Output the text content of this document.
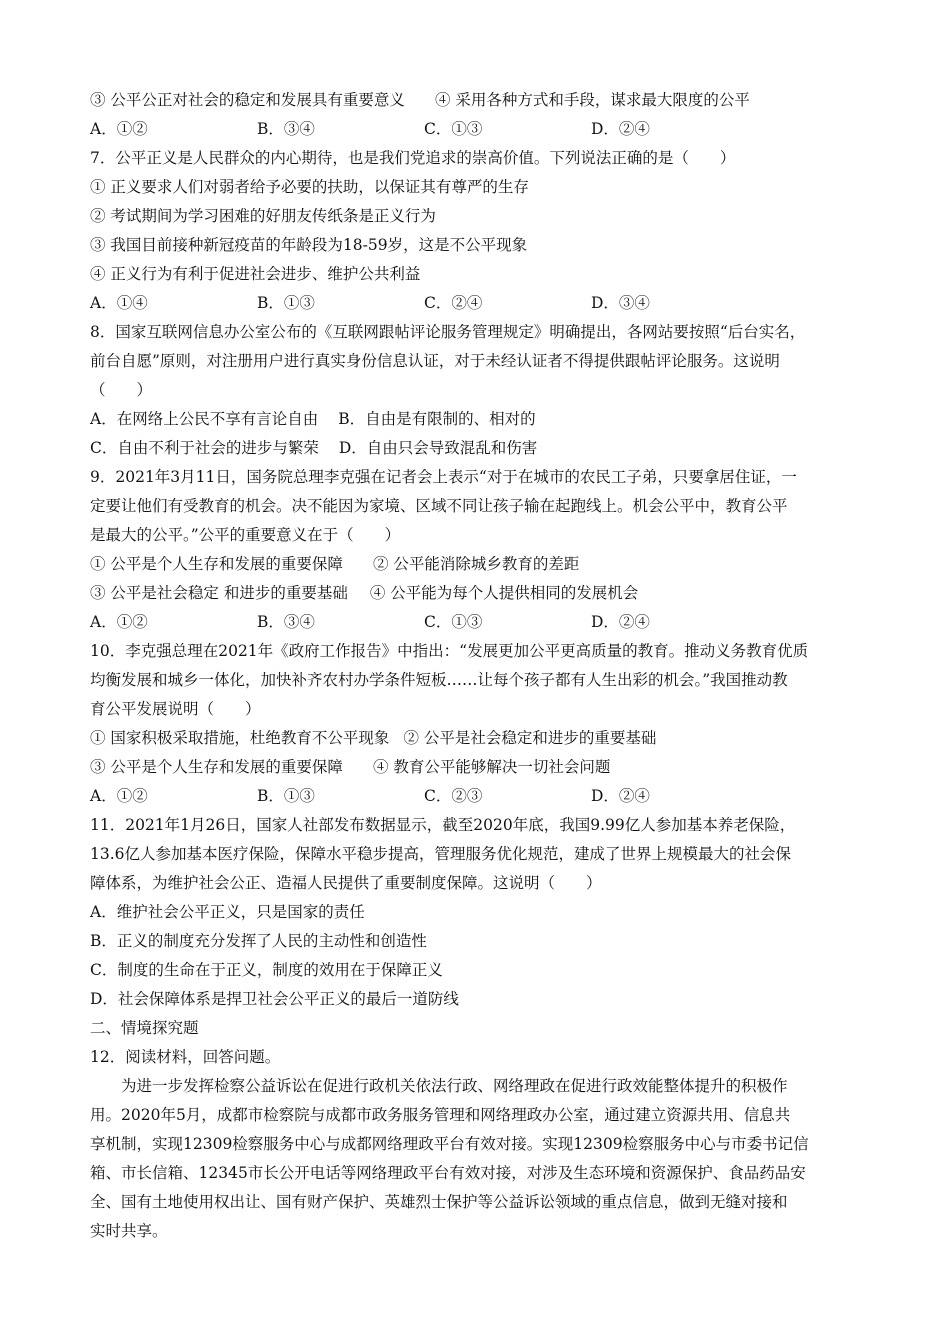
③ 公平公正对社会的稳定和发展具有重要意义 ④ 采用各种方式和手段，谋求最大限度的公平
A．①②	B．③④	C．①③	D．②④
7．公平正义是人民群众的内心期待，也是我们党追求的崇高价值。下列说法正确的是（　　）
① 正义要求人们对弱者给予必要的扶助，以保证其有尊严的生存
② 考试期间为学习困难的好朋友传纸条是正义行为
③ 我国目前接种新冠疫苗的年龄段为18-59岁，这是不公平现象
④ 正义行为有利于促进社会进步、维护公共利益
A．①④	B．①③	C．②④	D．③④
8．国家互联网信息办公室公布的《互联网跟帖评论服务管理规定》明确提出，各网站要按照“后台实名，
前台自愿”原则，对注册用户进行真实身份信息认证，对于未经认证者不得提供跟帖评论服务。这说明
（　　）
A．在网络上公民不享有言论自由 B．自由是有限制的、相对的
C．自由不利于社会的进步与繁荣 D．自由只会导致混乱和伤害
9．2021年3月11日，国务院总理李克强在记者会上表示“对于在城市的农民工子弟，只要拿居住证，一
定要让他们有受教育的机会。决不能因为家境、区域不同让孩子输在起跑线上。机会公平中，教育公平
是最大的公平。”公平的重要意义在于（　　）
① 公平是个人生存和发展的重要保障 ② 公平能消除城乡教育的差距
③ 公平是社会稳定 和进步的重要基础 ④ 公平能为每个人提供相同的发展机会
A．①②	B．③④	C．①③	D．②④
10．李克强总理在2021年《政府工作报告》中指出：“发展更加公平更高质量的教育。推动义务教育优质
均衡发展和城乡一体化，加快补齐农村办学条件短板……让每个孩子都有人生出彩的机会。”我国推动教
育公平发展说明（　　）
① 国家积极采取措施，杜绝教育不公平现象 ② 公平是社会稳定和进步的重要基础
③ 公平是个人生存和发展的重要保障 ④ 教育公平能够解决一切社会问题
A．①②	B．①③	C．②③	D．②④
11．2021年1月26日，国家人社部发布数据显示，截至2020年底，我国9.99亿人参加基本养老保险，
13.6亿人参加基本医疗保险，保障水平稳步提高，管理服务优化规范，建成了世界上规模最大的社会保
障体系，为维护社会公正、造福人民提供了重要制度保障。这说明（　　）
A．维护社会公平正义，只是国家的责任
B．正义的制度充分发挥了人民的主动性和创造性
C．制度的生命在于正义，制度的效用在于保障正义
D．社会保障体系是捍卫社会公平正义的最后一道防线
二、情境探究题
12．阅读材料，回答问题。
为进一步发挥检察公益诉讼在促进行政机关依法行政、网络理政在促进行政效能整体提升的积极作
用。2020年5月，成都市检察院与成都市政务服务管理和网络理政办公室，通过建立资源共用、信息共
享机制，实现12309检察服务中心与成都网络理政平台有效对接。实现12309检察服务中心与市委书记信
箱、市长信箱、12345市长公开电话等网络理政平台有效对接，对涉及生态环境和资源保护、食品药品安
全、国有土地使用权出让、国有财产保护、英雄烈士保护等公益诉讼领域的重点信息，做到无缝对接和
实时共享。
